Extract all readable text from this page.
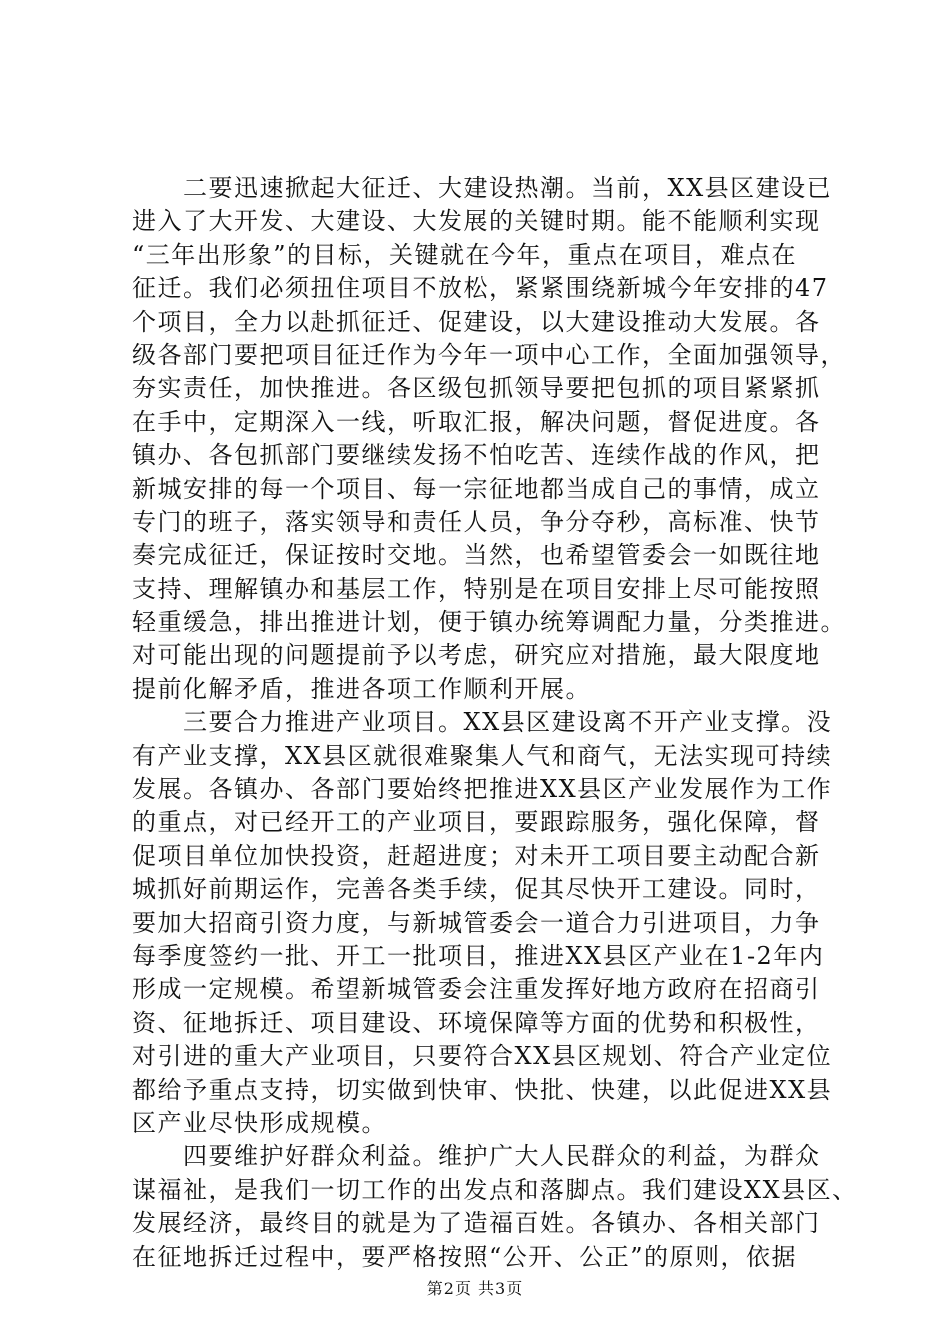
　　二要迅速掀起大征迁、大建设热潮。当前，XX县区建设已
进入了大开发、大建设、大发展的关键时期。能不能顺利实现
“三年出形象”的目标，关键就在今年，重点在项目，难点在
征迁。我们必须扭住项目不放松，紧紧围绕新城今年安排的47
个项目，全力以赴抓征迁、促建设，以大建设推动大发展。各
级各部门要把项目征迁作为今年一项中心工作，全面加强领导，
夯实责任，加快推进。各区级包抓领导要把包抓的项目紧紧抓
在手中，定期深入一线，听取汇报，解决问题，督促进度。各
镇办、各包抓部门要继续发扬不怕吃苦、连续作战的作风，把
新城安排的每一个项目、每一宗征地都当成自己的事情，成立
专门的班子，落实领导和责任人员，争分夺秒，高标准、快节
奏完成征迁，保证按时交地。当然，也希望管委会一如既往地
支持、理解镇办和基层工作，特别是在项目安排上尽可能按照
轻重缓急，排出推进计划，便于镇办统筹调配力量，分类推进。
对可能出现的问题提前予以考虑，研究应对措施，最大限度地
提前化解矛盾，推进各项工作顺利开展。
　　三要合力推进产业项目。XX县区建设离不开产业支撑。没
有产业支撑，XX县区就很难聚集人气和商气，无法实现可持续
发展。各镇办、各部门要始终把推进XX县区产业发展作为工作
的重点，对已经开工的产业项目，要跟踪服务，强化保障，督
促项目单位加快投资，赶超进度；对未开工项目要主动配合新
城抓好前期运作，完善各类手续，促其尽快开工建设。同时，
要加大招商引资力度，与新城管委会一道合力引进项目，力争
每季度签约一批、开工一批项目，推进XX县区产业在1-2年内
形成一定规模。希望新城管委会注重发挥好地方政府在招商引
资、征地拆迁、项目建设、环境保障等方面的优势和积极性，
对引进的重大产业项目，只要符合XX县区规划、符合产业定位
都给予重点支持，切实做到快审、快批、快建，以此促进XX县
区产业尽快形成规模。
　　四要维护好群众利益。维护广大人民群众的利益，为群众
谋福祉，是我们一切工作的出发点和落脚点。我们建设XX县区、
发展经济，最终目的就是为了造福百姓。各镇办、各相关部门
在征地拆迁过程中，要严格按照“公开、公正”的原则，依据
第2页 共3页
